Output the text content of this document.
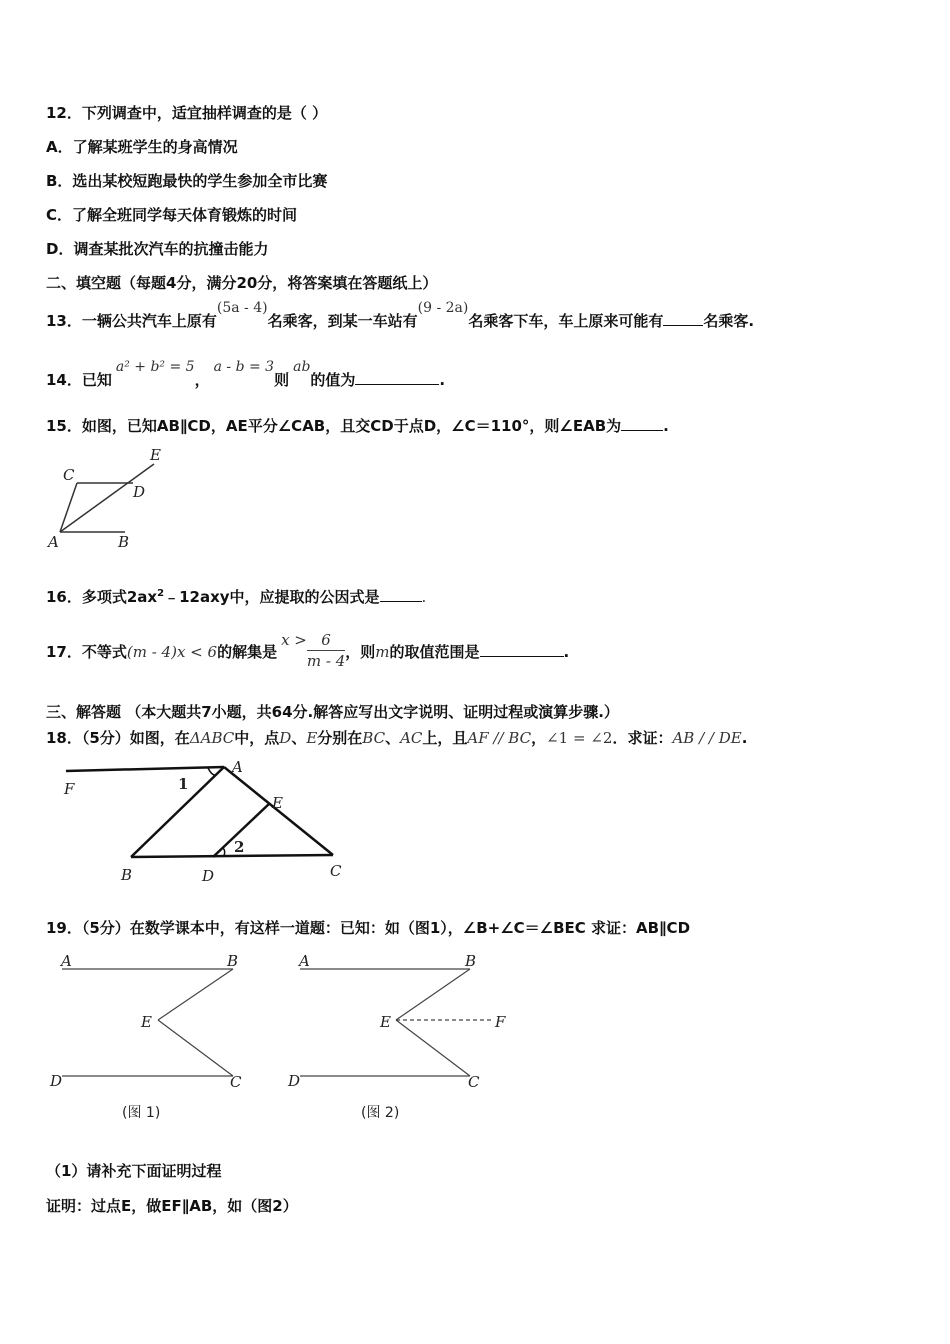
12．下列调查中，适宜抽样调查的是（ ）
A．了解某班学生的身高情况
B．选出某校短跑最快的学生参加全市比赛
C．了解全班同学每天体育锻炼的时间
D．调查某批次汽车的抗撞击能力
二、填空题（每题4分，满分20分，将答案填在答题纸上）
13．一辆公共汽车上原有(5a - 4)名乘客，到某一车站有(9 - 2a)名乘客下车，车上原来可能有	名乘客.
14．已知a² + b² = 5，a - b = 3则ab的值为	.
15．如图，已知AB∥CD，AE平分∠CAB，且交CD于点D，∠C＝110°，则∠EAB为	.
C
E
D
A	B
16．多项式$2ax^2﹣12axy$中，应提取的公因式是	.
17．不等式(m - 4)x < 6的解集是$x > \frac{6}{m - 4}$ ，则m的取值范围是	.
三、解答题 （本大题共7小题，共64分.解答应写出文字说明、证明过程或演算步骤.）
18．（5分）如图，在ΔABC中，点D、E分别在BC、AC上，且AF // BC，∠1 = ∠2．求证：AB / / DE.
F	1
A
E
2
B	D	C
19．（5分）在数学课本中，有这样一道题：已知：如（图1），∠B+∠C＝∠BEC 求证：AB∥CD
A	B
E
D	C
(图 1)
A	B
E	F
D	C
(图 2)
（1）请补充下面证明过程
证明：过点E，做EF∥AB，如（图2）
